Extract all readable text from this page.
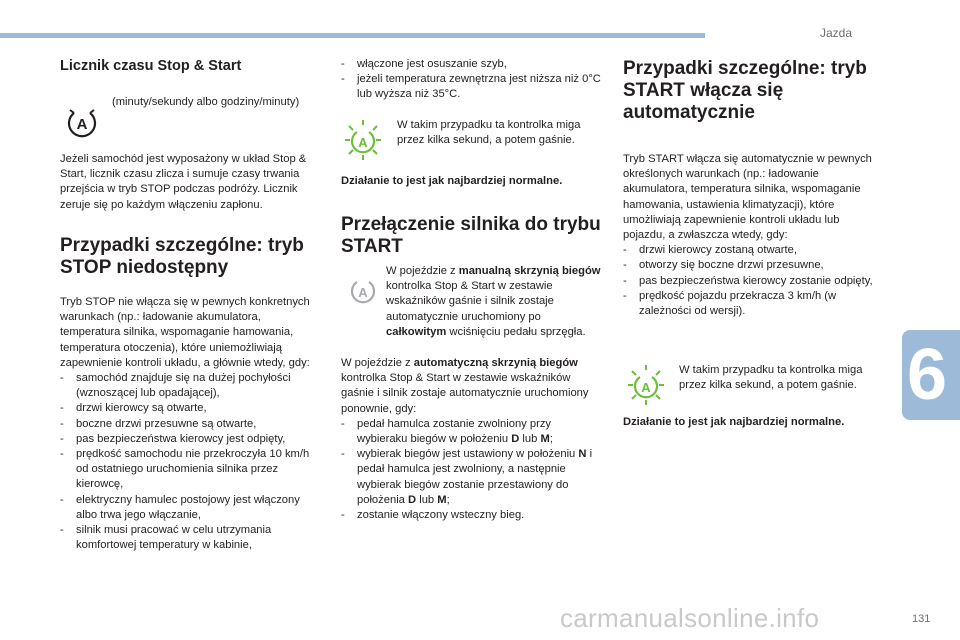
Jazda
6
131
carmanualsonline.info
Licznik czasu Stop & Start
A

(minuty/sekundy albo godziny/minuty)

Jeżeli samochód jest wyposażony w układ Stop & Start, licznik czasu zlicza i sumuje czasy trwania przejścia w tryb STOP podczas podróży. Licznik zeruje się po każdym włączeniu zapłonu.

Przypadki szczególne: tryb STOP niedostępny

Tryb STOP nie włącza się w pewnych konkretnych warunkach (np.: ładowanie akumulatora, temperatura silnika, wspomaganie hamowania, temperatura otoczenia), które uniemożliwiają zapewnienie kontroli układu, a głównie wtedy, gdy:

- samochód znajduje się na dużej pochyłości (wznoszącej lub opadającej),
- drzwi kierowcy są otwarte,
- boczne drzwi przesuwne są otwarte,
- pas bezpieczeństwa kierowcy jest odpięty,
- prędkość samochodu nie przekroczyła 10 km/h od ostatniego uruchomienia silnika przez kierowcę,
- elektryczny hamulec postojowy jest włączony albo trwa jego włączanie,
- silnik musi pracować w celu utrzymania komfortowej temperatury w kabinie,
- włączone jest osuszanie szyb,
- jeżeli temperatura zewnętrzna jest niższa niż 0°C lub wyższa niż 35°C.
A

W takim przypadku ta kontrolka miga przez kilka sekund, a potem gaśnie.

Działanie to jest jak najbardziej normalne.

Przełączenie silnika do trybu START
A

W pojeździe z manualną skrzynią biegów kontrolka Stop & Start w zestawie wskaźników gaśnie i silnik zostaje automatycznie uruchomiony po całkowitym wciśnięciu pedału sprzęgła.

W pojeździe z automatyczną skrzynią biegów kontrolka Stop & Start w zestawie wskaźników gaśnie i silnik zostaje automatycznie uruchomiony ponownie, gdy:

- pedał hamulca zostanie zwolniony przy wybieraku biegów w położeniu D lub M;
- wybierak biegów jest ustawiony w położeniu N i pedał hamulca jest zwolniony, a następnie wybierak biegów zostanie przestawiony do położenia D lub M;
- zostanie włączony wsteczny bieg.
Przypadki szczególne: tryb START włącza się automatycznie

Tryb START włącza się automatycznie w pewnych określonych warunkach (np.: ładowanie akumulatora, temperatura silnika, wspomaganie hamowania, ustawienia klimatyzacji), które umożliwiają zapewnienie kontroli układu lub pojazdu, a zwłaszcza wtedy, gdy:

- drzwi kierowcy zostaną otwarte,
- otworzy się boczne drzwi przesuwne,
- pas bezpieczeństwa kierowcy zostanie odpięty,
- prędkość pojazdu przekracza 3 km/h (w zależności od wersji).
A

W takim przypadku ta kontrolka miga przez kilka sekund, a potem gaśnie.

Działanie to jest jak najbardziej normalne.
